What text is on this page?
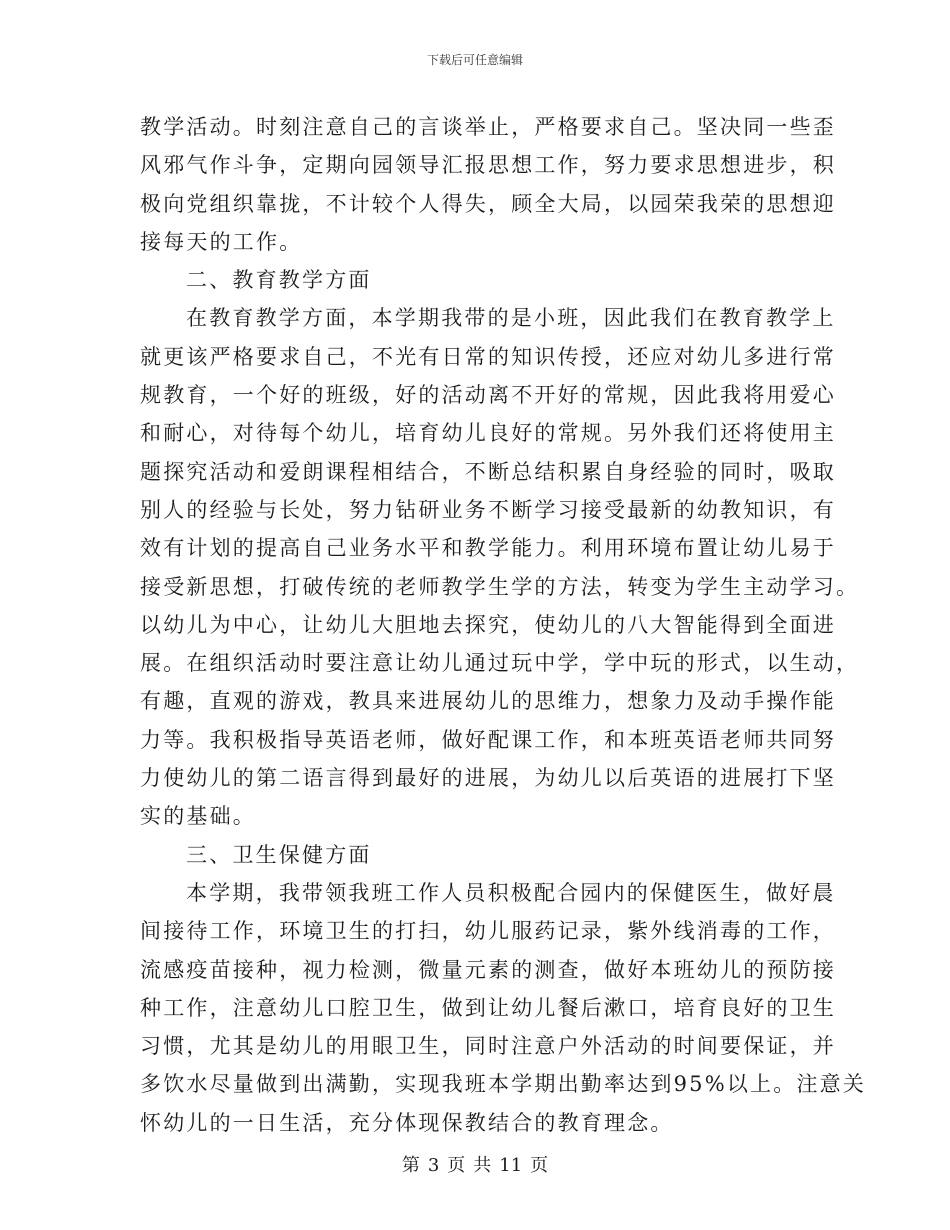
下载后可任意编辑
教学活动。时刻注意自己的言谈举止，严格要求自己。坚决同一些歪
风邪气作斗争，定期向园领导汇报思想工作，努力要求思想进步，积
极向党组织靠拢，不计较个人得失，顾全大局，以园荣我荣的思想迎
接每天的工作。
二、教育教学方面
在教育教学方面，本学期我带的是小班，因此我们在教育教学上
就更该严格要求自己，不光有日常的知识传授，还应对幼儿多进行常
规教育，一个好的班级，好的活动离不开好的常规，因此我将用爱心
和耐心，对待每个幼儿，培育幼儿良好的常规。另外我们还将使用主
题探究活动和爱朗课程相结合，不断总结积累自身经验的同时，吸取
别人的经验与长处，努力钻研业务不断学习接受最新的幼教知识，有
效有计划的提高自己业务水平和教学能力。利用环境布置让幼儿易于
接受新思想，打破传统的老师教学生学的方法，转变为学生主动学习。
以幼儿为中心，让幼儿大胆地去探究，使幼儿的八大智能得到全面进
展。在组织活动时要注意让幼儿通过玩中学，学中玩的形式，以生动，
有趣，直观的游戏，教具来进展幼儿的思维力，想象力及动手操作能
力等。我积极指导英语老师，做好配课工作，和本班英语老师共同努
力使幼儿的第二语言得到最好的进展，为幼儿以后英语的进展打下坚
实的基础。
三、卫生保健方面
本学期，我带领我班工作人员积极配合园内的保健医生，做好晨
间接待工作，环境卫生的打扫，幼儿服药记录，紫外线消毒的工作，
流感疫苗接种，视力检测，微量元素的测查，做好本班幼儿的预防接
种工作，注意幼儿口腔卫生，做到让幼儿餐后漱口，培育良好的卫生
习惯，尤其是幼儿的用眼卫生，同时注意户外活动的时间要保证，并
多饮水尽量做到出满勤，实现我班本学期出勤率达到95%以上。注意关
怀幼儿的一日生活，充分体现保教结合的教育理念。
第 3 页 共 11 页
